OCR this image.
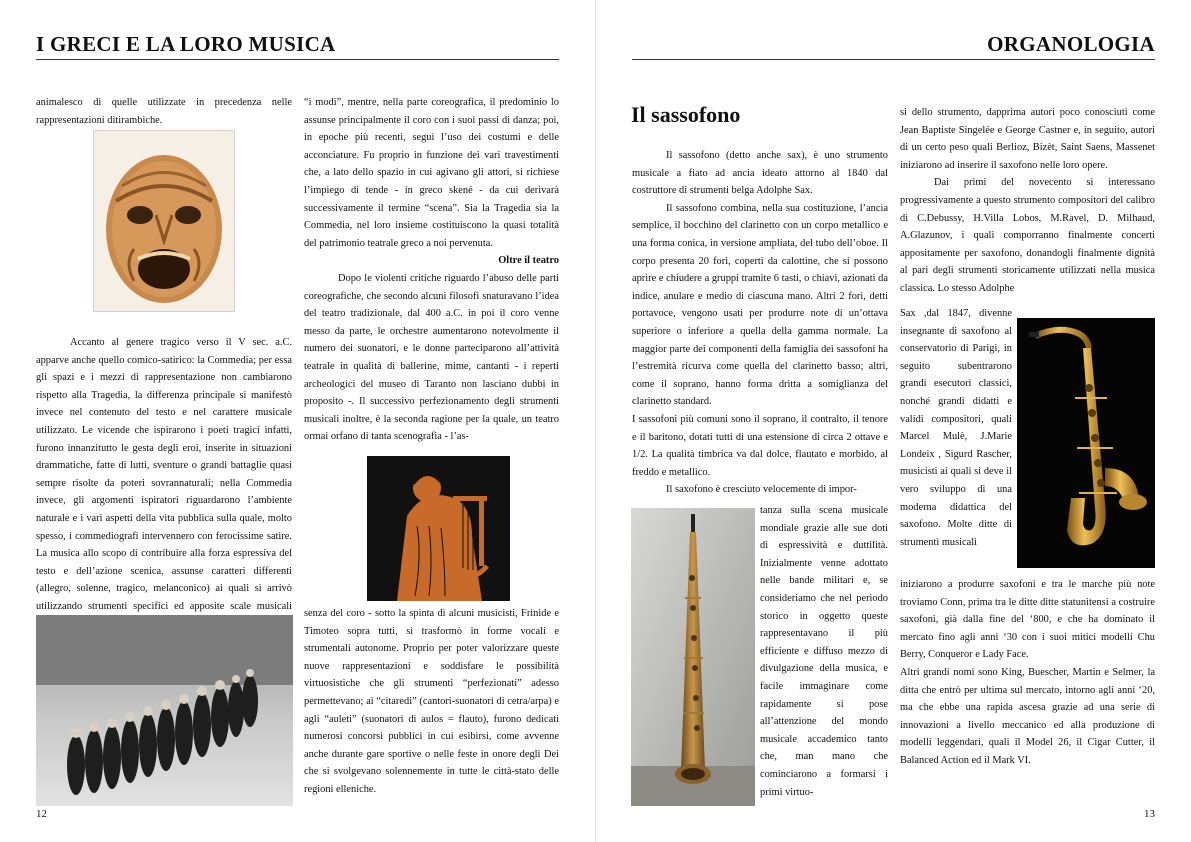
I GRECI E LA LORO MUSICA

animalesco di quelle utilizzate in precedenza nelle rappresentazioni ditirambiche.

Accanto al genere tragico verso il V sec. a.C. apparve anche quello comico-satirico: la Commedia; per essa gli spazi e i mezzi di rappresentazione non cambiarono rispetto alla Tragedia, la differenza principale si manifestò invece nel contenuto del testo e nel carattere musicale utilizzato. Le vicende che ispirarono i poeti tragici infatti, furono innanzitutto le gesta degli eroi, inserite in situazioni drammatiche, fatte di lutti, sventure o grandi battaglie quasi sempre risolte da poteri sovrannaturali; nella Commedia invece, gli argomenti ispiratori riguardarono l’ambiente naturale e i vari aspetti della vita pubblica sulla quale, molto spesso, i commediografi intervennero con ferocissime satire. La musica allo scopo di contribuire alla forza espressiva del testo e dell’azione scenica, assunse caratteri differenti (allegro, solenne, tragico, melanconico) ai quali si arrivò utilizzando strumenti specifici ed apposite scale musicali

“i modi”, mentre, nella parte coreografica, il predominio lo assunse principalmente il coro con i suoi passi di danza; poi, in epoche più recenti, seguì l’uso dei costumi e delle acconciature. Fu proprio in funzione dei vari travestimenti che, a lato dello spazio in cui agivano gli attori, si richiese l’impiego di tende - in greco skené - da cui derivarà successivamente il termine “scena”. Sia la Tragedia sia la Commedia, nel loro insieme costituiscono la quasi totalità del patrimonio teatrale greco a noi pervenuta.

Oltre il teatro

Dopo le violenti critiche riguardo l’abuso delle parti coreografiche, che secondo alcuni filosofi snaturavano l’idea del teatro tradizionale, dal 400 a.C. in poi il coro venne messo da parte, le orchestre aumentarono notevolmente il numero dei suonatori, e le donne parteciparono all’attività teatrale in qualità di ballerine, mime, cantanti - i reperti archeologici del museo di Taranto non lasciano dubbi in proposito -. Il successivo perfezionamento degli strumenti musicali inoltre, è la seconda ragione per la quale, un teatro ormai orfano di tanta scenografia - l’as-

senza del coro - sotto la spinta di alcuni musicisti, Frinide e Timoteo sopra tutti, si trasformò in forme vocali e strumentali autonome. Proprio per poter valorizzare queste nuove rappresentazioni e soddisfare le possibilità virtuosistiche che gli strumenti “perfezionati” adesso permettevano; ai “citaredi” (cantori-suonatori di cetra/arpa) e agli “auleti” (suonatori di aulos = flauto), furono dedicati numerosi concorsi pubblici in cui esibirsi, come avvenne anche durante gare sportive o nelle feste in onore degli Dei che si svolgevano solennemente in tutte le città-stato delle regioni elleniche.

12
ORGANOLOGIA
Il sassofono

Il sassofono (detto anche sax), è uno strumento musicale a fiato ad ancia ideato attorno al 1840 dal costruttore di strumenti belga Adolphe Sax.

Il sassofono combina, nella sua costituzione, l’ancia semplice, il bocchino del clarinetto con un corpo metallico e una forma conica, in versione ampliata, del tubo dell’oboe. Il corpo presenta 20 fori, coperti da calottine, che si possono aprire e chiudere a gruppi tramite 6 tasti, o chiavi, azionati da indice, anulare e medio di ciascuna mano. Altri 2 fori, detti portavoce, vengono usati per produrre note di un’ottava superiore o inferiore a quella della gamma normale. La maggior parte dei componenti della famiglia dei sassofoni ha l’estremità ricurva come quella del clarinetto basso; altri, come il soprano, hanno forma dritta a somiglianza del clarinetto standard.

I sassofoni più comuni sono il soprano, il contralto, il tenore e il baritono, dotati tutti di una estensione di circa 2 ottave e 1/2. La qualità timbrica va dal dolce, flautato e morbido, al freddo e metallico.

Il saxofono è cresciuto velocemente di impor-

tanza sulla scena musicale mondiale grazie alle sue doti di espressività e duttilità. Inizialmente venne adottato nelle bande militari e, se consideriamo che nel periodo storico in oggetto queste rappresentavano il più efficiente e diffuso mezzo di divulgazione della musica, e facile immaginare come rapidamente si pose all’attenzione del mondo musicale accademico tanto che, man mano che cominciarono a formarsi i primi virtuo-

si dello strumento, dapprima autori poco conosciuti come Jean Baptiste Singelée e George Castner e, in seguito, autori di un certo peso quali Berlioz, Bizèt, Saint Saens, Massenet iniziarono ad inserire il saxofono nelle loro opere.

Dai primi del novecento si interessano progressivamente a questo strumento compositori del calibro di C.Debussy, H.Villa Lobos, M.Ravel, D. Milhaud, A.Glazunov, i quali comporranno finalmente concerti appositamente per saxofono, donandogli finalmente dignità al pari degli strumenti storicamente utilizzati nella musica classica. Lo stesso Adolphe

Sax ,dal 1847, divenne insegnante di saxofono al conservatorio di Parigi, in seguito subentrarono grandi esecutori classici, nonché grandi didatti e validi compositori, quali Marcel Mulè, J.Marie Londeix , Sigurd Rascher, musicisti ai quali si deve il vero sviluppo di una moderna didattica del saxofono. Molte ditte di strumenti musicali

iniziarono a produrre saxofoni e tra le marche più note troviamo Conn, prima tra le ditte ditte statunitensi a costruire saxofoni, già dalla fine del ‘800, e che ha dominato il mercato fino agli anni ‘30 con i suoi mitici modelli Chu Berry, Conqueror e Lady Face.

Altri grandi nomi sono King, Buescher, Martin e Selmer, la ditta che entrò per ultima sul mercato, intorno agli anni ‘20, ma che ebbe una rapida ascesa grazie ad una serie di innovazioni a livello meccanico ed alla produzione di modelli leggendari, quali il Model 26, il Cigar Cutter, il Balanced Action ed il Mark VI.

13
